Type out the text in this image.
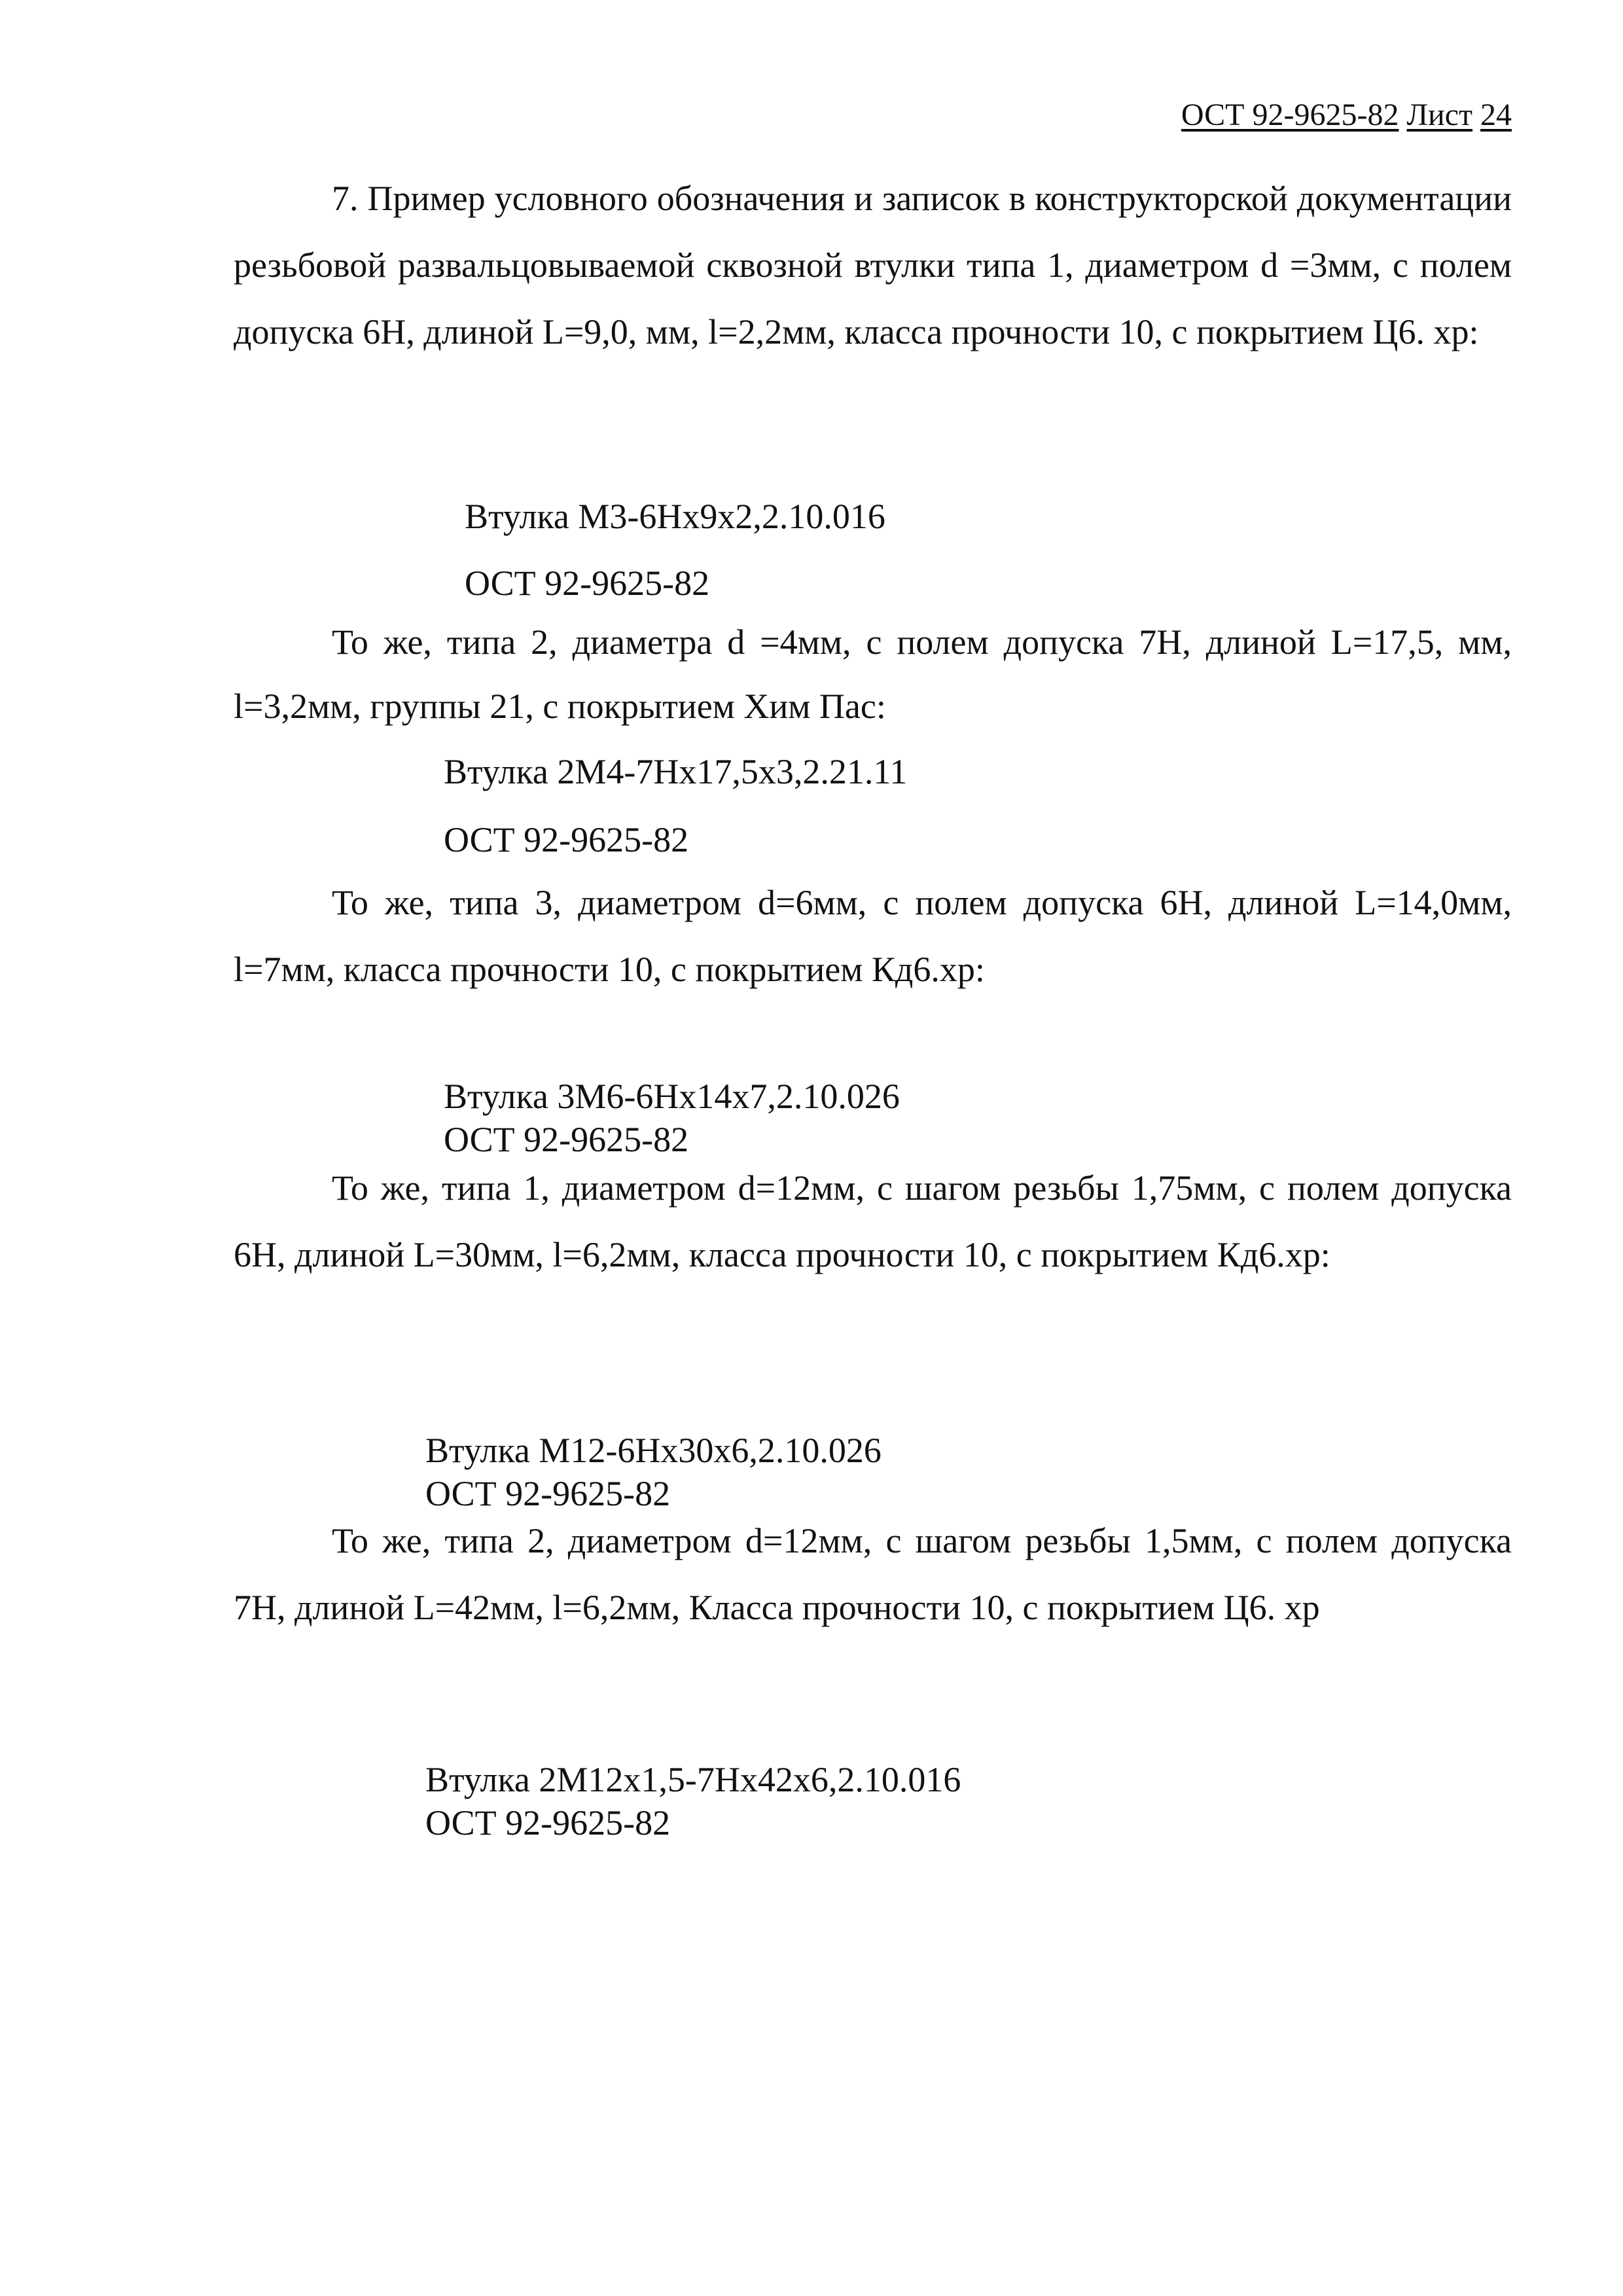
ОСТ 92-9625-82 Лист 24

7. Пример условного обозначения и записок в конструкторской документации резьбовой развальцовываемой сквозной втулки типа 1, диаметром d =3мм, с полем допуска 6Н, длиной L=9,0, мм, l=2,2мм, класса прочности 10, с покрытием Ц6. хр:

Втулка М3-6Нх9х2,2.10.016
ОСТ 92-9625-82

То же, типа 2, диаметра d =4мм, с полем допуска 7Н, длиной L=17,5, мм, l=3,2мм, группы 21, с покрытием Хим Пас:

Втулка 2М4-7Нх17,5х3,2.21.11
ОСТ 92-9625-82

То же, типа 3, диаметром d=6мм, с полем допуска 6Н, длиной L=14,0мм, l=7мм, класса прочности 10, с покрытием Кд6.хр:

Втулка 3М6-6Нх14х7,2.10.026
ОСТ 92-9625-82

То же, типа 1, диаметром d=12мм, с шагом резьбы 1,75мм, с полем допуска 6Н, длиной L=30мм, l=6,2мм, класса прочности 10, с покрытием Кд6.хр:

Втулка М12-6Нх30х6,2.10.026
ОСТ 92-9625-82

То же, типа 2, диаметром d=12мм, с шагом резьбы 1,5мм, с полем допуска 7Н, длиной L=42мм, l=6,2мм, Класса прочности 10, с покрытием Ц6. хр

Втулка 2М12х1,5-7Нх42х6,2.10.016
ОСТ 92-9625-82
